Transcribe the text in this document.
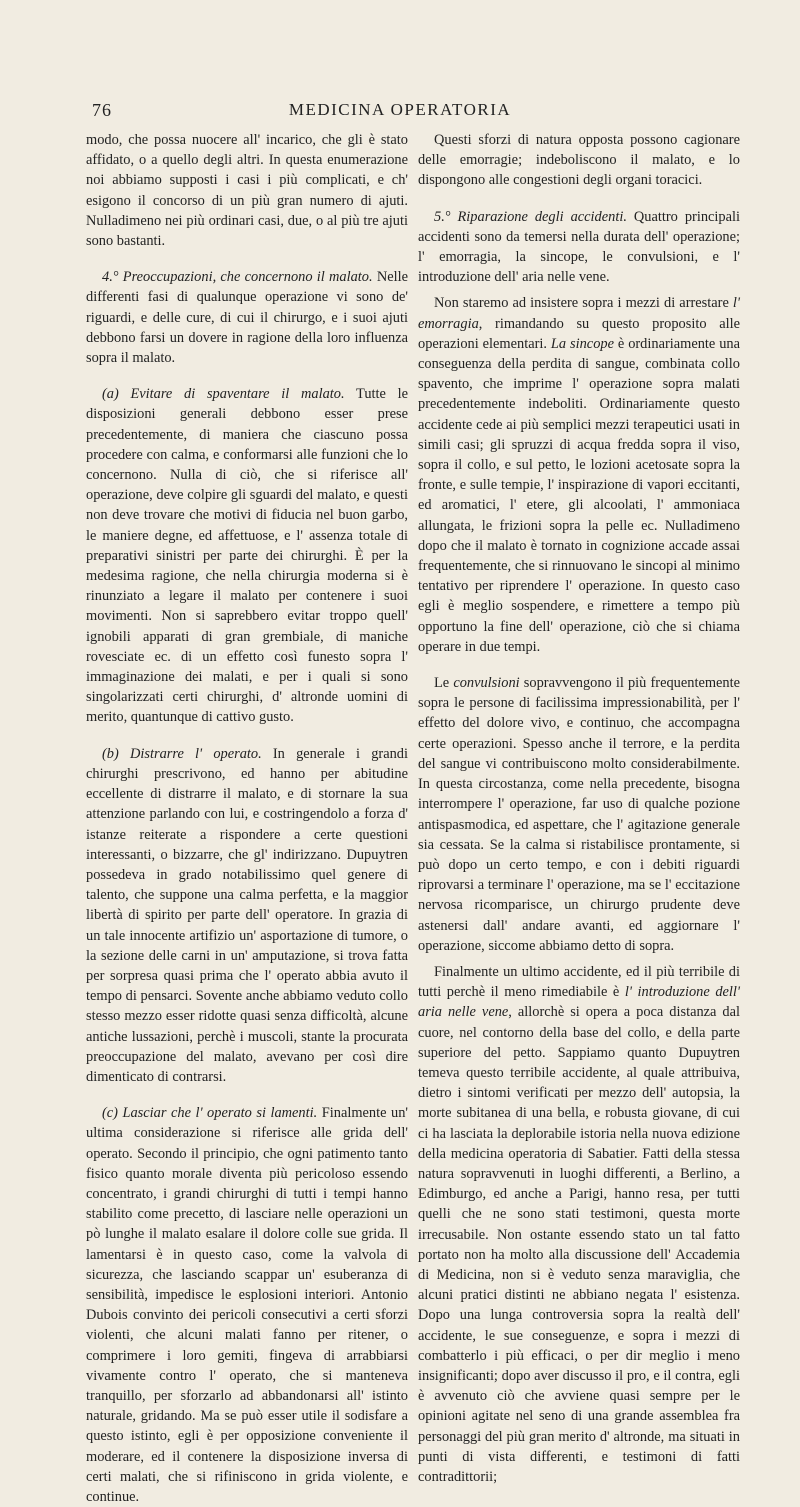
76	MEDICINA OPERATORIA

modo, che possa nuocere all' incarico, che gli è stato affidato, o a quello degli altri. In questa enumerazione noi abbiamo supposti i casi i più complicati, e ch' esigono il concorso di un più gran numero di ajuti. Nulladimeno nei più ordinari casi, due, o al più tre ajuti sono bastanti.

4.° Preoccupazioni, che concernono il malato. Nelle differenti fasi di qualunque operazione vi sono de' riguardi, e delle cure, di cui il chirurgo, e i suoi ajuti debbono farsi un dovere in ragione della loro influenza sopra il malato.

(a) Evitare di spaventare il malato. Tutte le disposizioni generali debbono esser prese precedentemente, di maniera che ciascuno possa procedere con calma, e conformarsi alle funzioni che lo concernono. Nulla di ciò, che si riferisce all' operazione, deve colpire gli sguardi del malato, e questi non deve trovare che motivi di fiducia nel buon garbo, le maniere degne, ed affettuose, e l' assenza totale di preparativi sinistri per parte dei chirurghi. È per la medesima ragione, che nella chirurgia moderna si è rinunziato a legare il malato per contenere i suoi movimenti. Non si saprebbero evitar troppo quell' ignobili apparati di gran grembiale, di maniche rovesciate ec. di un effetto così funesto sopra l' immaginazione dei malati, e per i quali si sono singolarizzati certi chirurghi, d' altronde uomini di merito, quantunque di cattivo gusto.

(b) Distrarre l' operato. In generale i grandi chirurghi prescrivono, ed hanno per abitudine eccellente di distrarre il malato, e di stornare la sua attenzione parlando con lui, e costringendolo a forza d' istanze reiterate a rispondere a certe questioni interessanti, o bizzarre, che gl' indirizzano. Dupuytren possedeva in grado notabilissimo quel genere di talento, che suppone una calma perfetta, e la maggior libertà di spirito per parte dell' operatore. In grazia di un tale innocente artifizio un' asportazione di tumore, o la sezione delle carni in un' amputazione, si trova fatta per sorpresa quasi prima che l' operato abbia avuto il tempo di pensarci. Sovente anche abbiamo veduto collo stesso mezzo esser ridotte quasi senza difficoltà, alcune antiche lussazioni, perchè i muscoli, stante la procurata preoccupazione del malato, avevano per così dire dimenticato di contrarsi.

(c) Lasciar che l' operato si lamenti. Finalmente un' ultima considerazione si riferisce alle grida dell' operato. Secondo il principio, che ogni patimento tanto fisico quanto morale diventa più pericoloso essendo concentrato, i grandi chirurghi di tutti i tempi hanno stabilito come precetto, di lasciare nelle operazioni un pò lunghe il malato esalare il dolore colle sue grida. Il lamentarsi è in questo caso, come la valvola di sicurezza, che lasciando scappar un' esuberanza di sensibilità, impedisce le esplosioni interiori. Antonio Dubois convinto dei pericoli consecutivi a certi sforzi violenti, che alcuni malati fanno per ritener, o comprimere i loro gemiti, fingeva di arrabbiarsi vivamente contro l' operato, che si manteneva tranquillo, per sforzarlo ad abbandonarsi all' istinto naturale, gridando. Ma se può esser utile il sodisfare a questo istinto, egli è per opposizione conveniente il moderare, ed il contenere la disposizione inversa di certi malati, che si rifiniscono in grida violente, e continue.

Questi sforzi di natura opposta possono cagionare delle emorragie; indeboliscono il malato, e lo dispongono alle congestioni degli organi toracici.

5.° Riparazione degli accidenti. Quattro principali accidenti sono da temersi nella durata dell' operazione; l' emorragia, la sincope, le convulsioni, e l' introduzione dell' aria nelle vene.

Non staremo ad insistere sopra i mezzi di arrestare l' emorragia, rimandando su questo proposito alle operazioni elementari. La sincope è ordinariamente una conseguenza della perdita di sangue, combinata collo spavento, che imprime l' operazione sopra malati precedentemente indeboliti. Ordinariamente questo accidente cede ai più semplici mezzi terapeutici usati in simili casi; gli spruzzi di acqua fredda sopra il viso, sopra il collo, e sul petto, le lozioni acetosate sopra la fronte, e sulle tempie, l' inspirazione di vapori eccitanti, ed aromatici, l' etere, gli alcoolati, l' ammoniaca allungata, le frizioni sopra la pelle ec. Nulladimeno dopo che il malato è tornato in cognizione accade assai frequentemente, che si rinnuovano le sincopi al minimo tentativo per riprendere l' operazione. In questo caso egli è meglio sospendere, e rimettere a tempo più opportuno la fine dell' operazione, ciò che si chiama operare in due tempi.

Le convulsioni sopravvengono il più frequentemente sopra le persone di facilissima impressionabilità, per l' effetto del dolore vivo, e continuo, che accompagna certe operazioni. Spesso anche il terrore, e la perdita del sangue vi contribuiscono molto considerabilmente. In questa circostanza, come nella precedente, bisogna interrompere l' operazione, far uso di qualche pozione antispasmodica, ed aspettare, che l' agitazione generale sia cessata. Se la calma si ristabilisce prontamente, si può dopo un certo tempo, e con i debiti riguardi riprovarsi a terminare l' operazione, ma se l' eccitazione nervosa ricomparisce, un chirurgo prudente deve astenersi dall' andare avanti, ed aggiornare l' operazione, siccome abbiamo detto di sopra.

Finalmente un ultimo accidente, ed il più terribile di tutti perchè il meno rimediabile è l' introduzione dell' aria nelle vene, allorchè si opera a poca distanza dal cuore, nel contorno della base del collo, e della parte superiore del petto. Sappiamo quanto Dupuytren temeva questo terribile accidente, al quale attribuiva, dietro i sintomi verificati per mezzo dell' autopsia, la morte subitanea di una bella, e robusta giovane, di cui ci ha lasciata la deplorabile istoria nella nuova edizione della medicina operatoria di Sabatier. Fatti della stessa natura sopravvenuti in luoghi differenti, a Berlino, a Edimburgo, ed anche a Parigi, hanno resa, per tutti quelli che ne sono stati testimoni, questa morte irrecusabile. Non ostante essendo stato un tal fatto portato non ha molto alla discussione dell' Accademia di Medicina, non si è veduto senza maraviglia, che alcuni pratici distinti ne abbiano negata l' esistenza. Dopo una lunga controversia sopra la realtà dell' accidente, le sue conseguenze, e sopra i mezzi di combatterlo i più efficaci, o per dir meglio i meno insignificanti; dopo aver discusso il pro, e il contra, egli è avvenuto ciò che avviene quasi sempre per le opinioni agitate nel seno di una grande assemblea fra personaggi del più gran merito d' altronde, ma situati in punti di vista differenti, e testimoni di fatti contradittorii;
